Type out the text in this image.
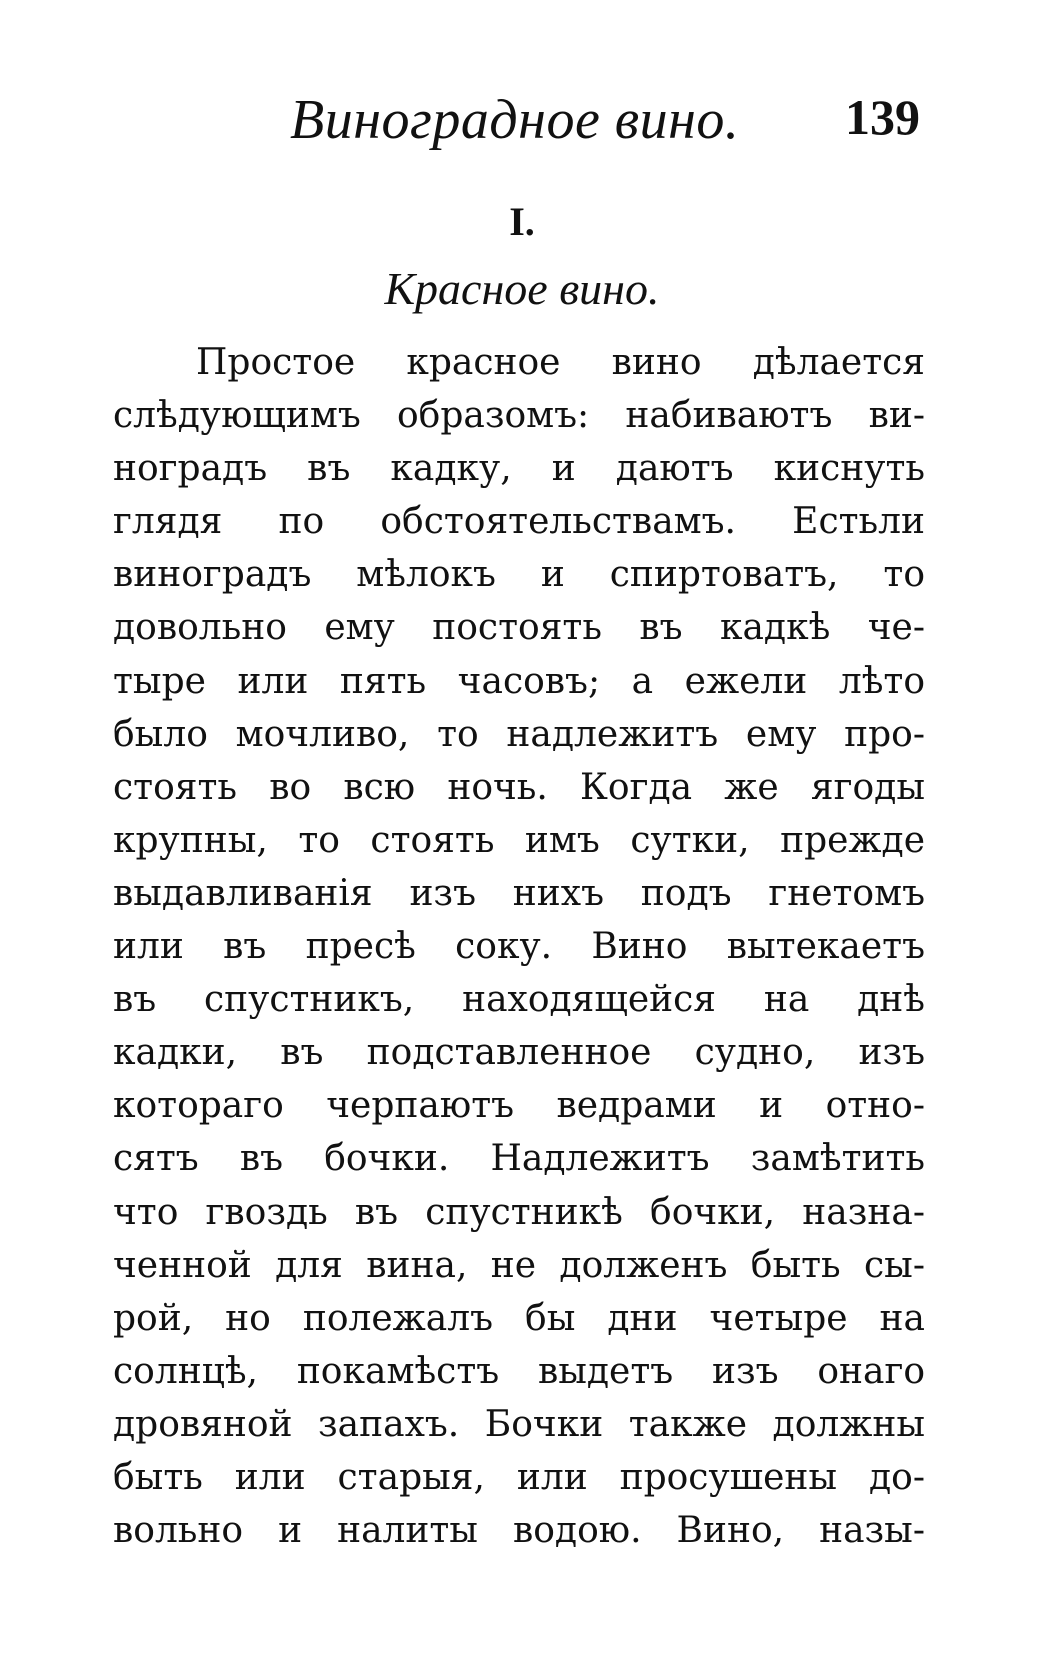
Виноградное вино. 139
I.
Красное вино.
Простое красное вино дѣлается
слѣдующимъ образомъ: набиваютъ ви-
ноградъ въ кадку, и даютъ киснуть
глядя по обстоятельствамъ. Естьли
виноградъ мѣлокъ и спиртоватъ, то
довольно ему постоять въ кадкѣ че-
тыре или пять часовъ; а ежели лѣто
было мочливо, то надлежитъ ему про-
стоять во всю ночь. Когда же ягоды
крупны, то стоять имъ сутки, прежде
выдавливанія изъ нихъ подъ гнетомъ
или въ пресѣ соку. Вино вытекаетъ
въ спустникъ, находящейся на днѣ
кадки, въ подставленное судно, изъ
котораго черпаютъ ведрами и отно-
сятъ въ бочки. Надлежитъ замѣтить
что гвоздь въ спустникѣ бочки, назна-
ченной для вина, не долженъ быть сы-
рой, но полежалъ бы дни четыре на
солнцѣ, покамѣстъ выдетъ изъ онаго
дровяной запахъ. Бочки также должны
быть или старыя, или просушены до-
вольно и налиты водою. Вино, назы-
